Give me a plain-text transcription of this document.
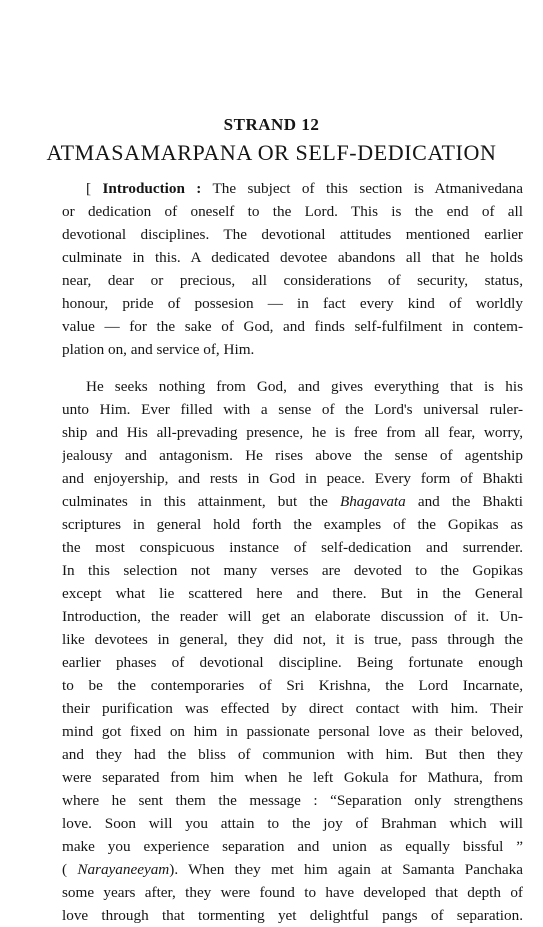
STRAND 12
ATMASAMARPANA OR SELF-DEDICATION
[ Introduction : The subject of this section is Atmanivedana
or dedication of oneself to the Lord. This is the end of all
devotional disciplines. The devotional attitudes mentioned earlier
culminate in this. A dedicated devotee abandons all that he holds
near, dear or precious, all considerations of security, status,
honour, pride of possesion — in fact every kind of worldly
value — for the sake of God, and finds self-fulfilment in contem-
plation on, and service of, Him.
He seeks nothing from God, and gives everything that is his
unto Him. Ever filled with a sense of the Lord's universal ruler-
ship and His all-prevading presence, he is free from all fear, worry,
jealousy and antagonism. He rises above the sense of agentship
and enjoyership, and rests in God in peace. Every form of Bhakti
culminates in this attainment, but the Bhagavata and the Bhakti
scriptures in general hold forth the examples of the Gopikas as
the most conspicuous instance of self-dedication and surrender.
In this selection not many verses are devoted to the Gopikas
except what lie scattered here and there. But in the General
Introduction, the reader will get an elaborate discussion of it. Un-
like devotees in general, they did not, it is true, pass through the
earlier phases of devotional discipline. Being fortunate enough
to be the contemporaries of Sri Krishna, the Lord Incarnate,
their purification was effected by direct contact with him. Their
mind got fixed on him in passionate personal love as their beloved,
and they had the bliss of communion with him. But then they
were separated from him when he left Gokula for Mathura, from
where he sent them the message : “Separation only strengthens
love. Soon will you attain to the joy of Brahman which will
make you experience separation and union as equally bissful ”
( Narayaneeyam). When they met him again at Samanta Panchaka
some years after, they were found to have developed that depth of
love through that tormenting yet delightful pangs of separation.
